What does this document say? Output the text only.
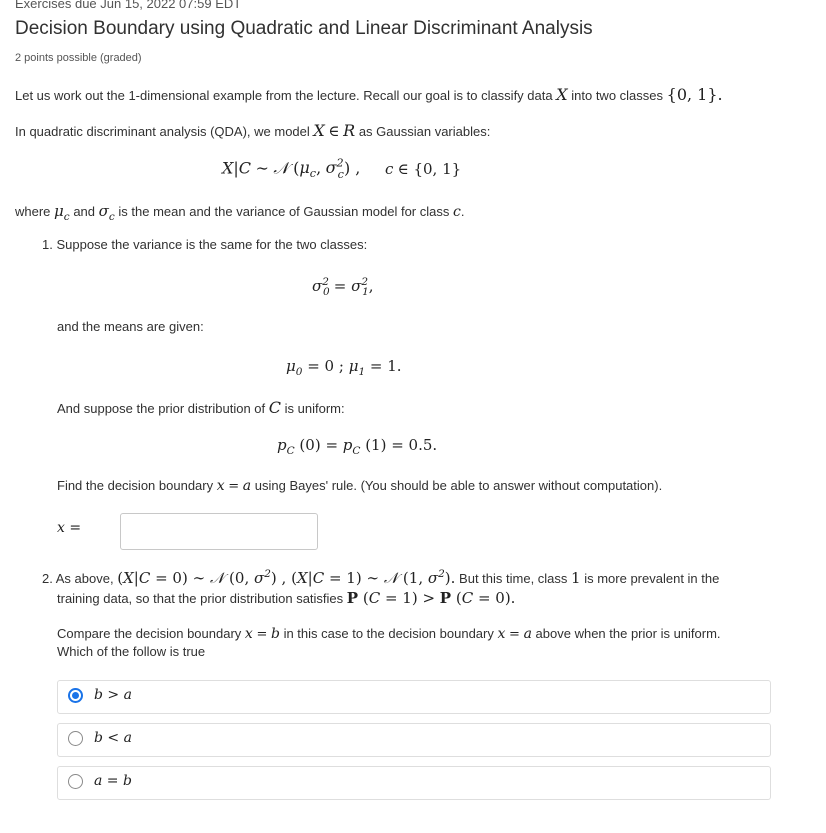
Exercises due Jun 15, 2022 07:59 EDT
Decision Boundary using Quadratic and Linear Discriminant Analysis
2 points possible (graded)
Let us work out the 1-dimensional example from the lecture. Recall our goal is to classify data X into two classes {0, 1}.
In quadratic discriminant analysis (QDA), we model X ∈ R as Gaussian variables:
X|C ∼ 𝒩 ($\mu_c$, $\sigma^2_c$) , c ∈ {0, 1}
where $\mu_c$ and $\sigma_c$ is the mean and the variance of Gaussian model for class c.
1. Suppose the variance is the same for the two classes:
$\sigma^2_0 = \sigma^2_1$,
and the means are given:
$\mu_0 = 0$ ; $\mu_1 = 1$.
And suppose the prior distribution of C is uniform:
$p_C$ $(0) = p_C$ (1) = 0.5.
Find the decision boundary x = a using Bayes' rule. (You should be able to answer without computation).
x =
2. As above, (X|C = 0) ∼ 𝒩 (0, $\sigma^2$) , (X|C = 1) ∼ 𝒩 (1, $\sigma^2$). But this time, class 1 is more prevalent in the
training data, so that the prior distribution satisfies P (C = 1) > P (C = 0).
Compare the decision boundary x = b in this case to the decision boundary x = a above when the prior is uniform.
Which of the follow is true
b > a
b < a
a = b
